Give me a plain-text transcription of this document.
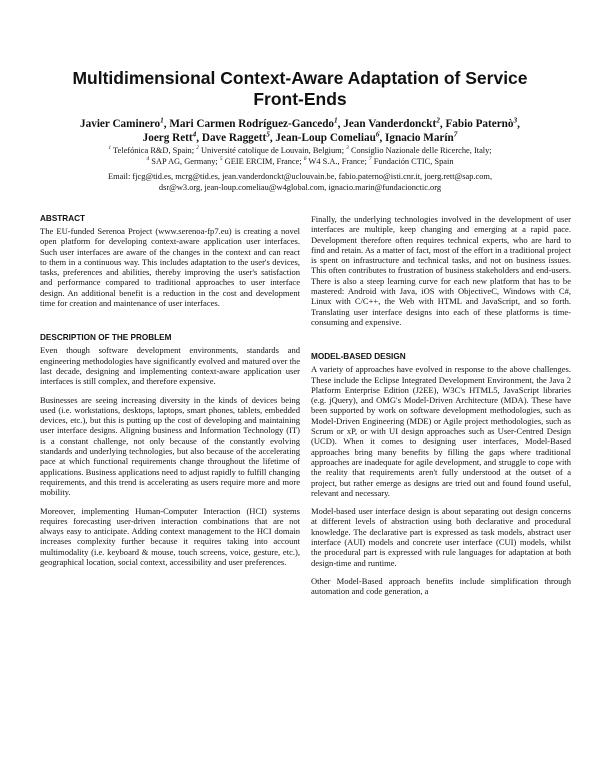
Multidimensional Context-Aware Adaptation of Service
Front-Ends
Javier Caminero$^1$, Mari Carmen Rodríguez-Gancedo$^1$, Jean Vanderdonckt$^2$, Fabio Paternò$^3$,
Joerg Rett$^4$, Dave Raggett$^5$, Jean-Loup Comeliau$^6$, Ignacio Marín$^7$
$^1$ Telefónica R&D, Spain; $^2$ Université catolique de Louvain, Belgium; $^3$ Consiglio Nazionale delle Ricerche, Italy;
$^4$ SAP AG, Germany; $^5$ GEIE ERCIM, France; $^6$ W4 S.A., France; $^7$ Fundación CTIC, Spain
Email: fjcg@tid.es, mcrg@tid.es, jean.vanderdonckt@uclouvain.be, fabio.paterno@isti.cnr.it, joerg.rett@sap.com,
dsr@w3.org, jean-loup.comeliau@w4global.com, ignacio.marin@fundacionctic.org
ABSTRACT

The EU-funded Serenoa Project (www.serenoa-fp7.eu) is creating a novel open platform for developing context-aware application user interfaces. Such user interfaces are aware of the changes in the context and can react to them in a continuous way. This includes adaptation to the user's devices, tasks, preferences and abilities, thereby improving the user's satisfaction and performance compared to traditional approaches to user interface design. An additional benefit is a reduction in the cost and development time for creation and maintenance of user interfaces.

DESCRIPTION OF THE PROBLEM

Even though software development environments, standards and engineering methodologies have significantly evolved and matured over the last decade, designing and implementing context-aware application user interfaces is still complex, and therefore expensive.

Businesses are seeing increasing diversity in the kinds of devices being used (i.e. workstations, desktops, laptops, smart phones, tablets, embedded devices, etc.), but this is putting up the cost of developing and maintaining user interface designs. Aligning business and Information Technology (IT) is a constant challenge, not only because of the constantly evolving standards and underlying technologies, but also because of the accelerating pace at which functional requirements change throughout the lifetime of applications. Business applications need to adjust rapidly to fulfill changing requirements, and this trend is accelerating as users require more and more mobility.

Moreover, implementing Human-Computer Interaction (HCI) systems requires forecasting user-driven interaction combinations that are not always easy to anticipate. Adding context management to the HCI domain increases complexity further because it requires taking into account multimodality (i.e. keyboard & mouse, touch screens, voice, gesture, etc.), geographical location, social context, accessibility and user preferences.

Finally, the underlying technologies involved in the development of user interfaces are multiple, keep changing and emerging at a rapid pace. Development therefore often requires technical experts, who are hard to find and retain. As a matter of fact, most of the effort in a traditional project is spent on infrastructure and technical tasks, and not on business issues. This often contributes to frustration of business stakeholders and end-users. There is also a steep learning curve for each new platform that has to be mastered: Android with Java, iOS with ObjectiveC, Windows with C#, Linux with C/C++, the Web with HTML and JavaScript, and so forth. Translating user interface designs into each of these platforms is time-consuming and expensive.

MODEL-BASED DESIGN

A variety of approaches have evolved in response to the above challenges. These include the Eclipse Integrated Development Environment, the Java 2 Platform Enterprise Edition (J2EE), W3C's HTML5, JavaScript libraries (e.g. jQuery), and OMG's Model-Driven Architecture (MDA). These have been supported by work on software development methodologies, such as Model-Driven Engineering (MDE) or Agile project methodologies, such as Scrum or xP, or with UI design approaches such as User-Centred Design (UCD). When it comes to designing user interfaces, Model-Based approaches bring many benefits by filling the gaps where traditional approaches are inadequate for agile development, and struggle to cope with the reality that requirements aren't fully understood at the outset of a project, but rather emerge as designs are tried out and found found useful, relevant and necessary.

Model-based user interface design is about separating out design concerns at different levels of abstraction using both declarative and procedural knowledge. The declarative part is expressed as task models, abstract user interface (AUI) models and concrete user interface (CUI) models, whilst the procedural part is expressed with rule languages for adaptation at both design-time and runtime.

Other Model-Based approach benefits include simplification through automation and code generation, a
